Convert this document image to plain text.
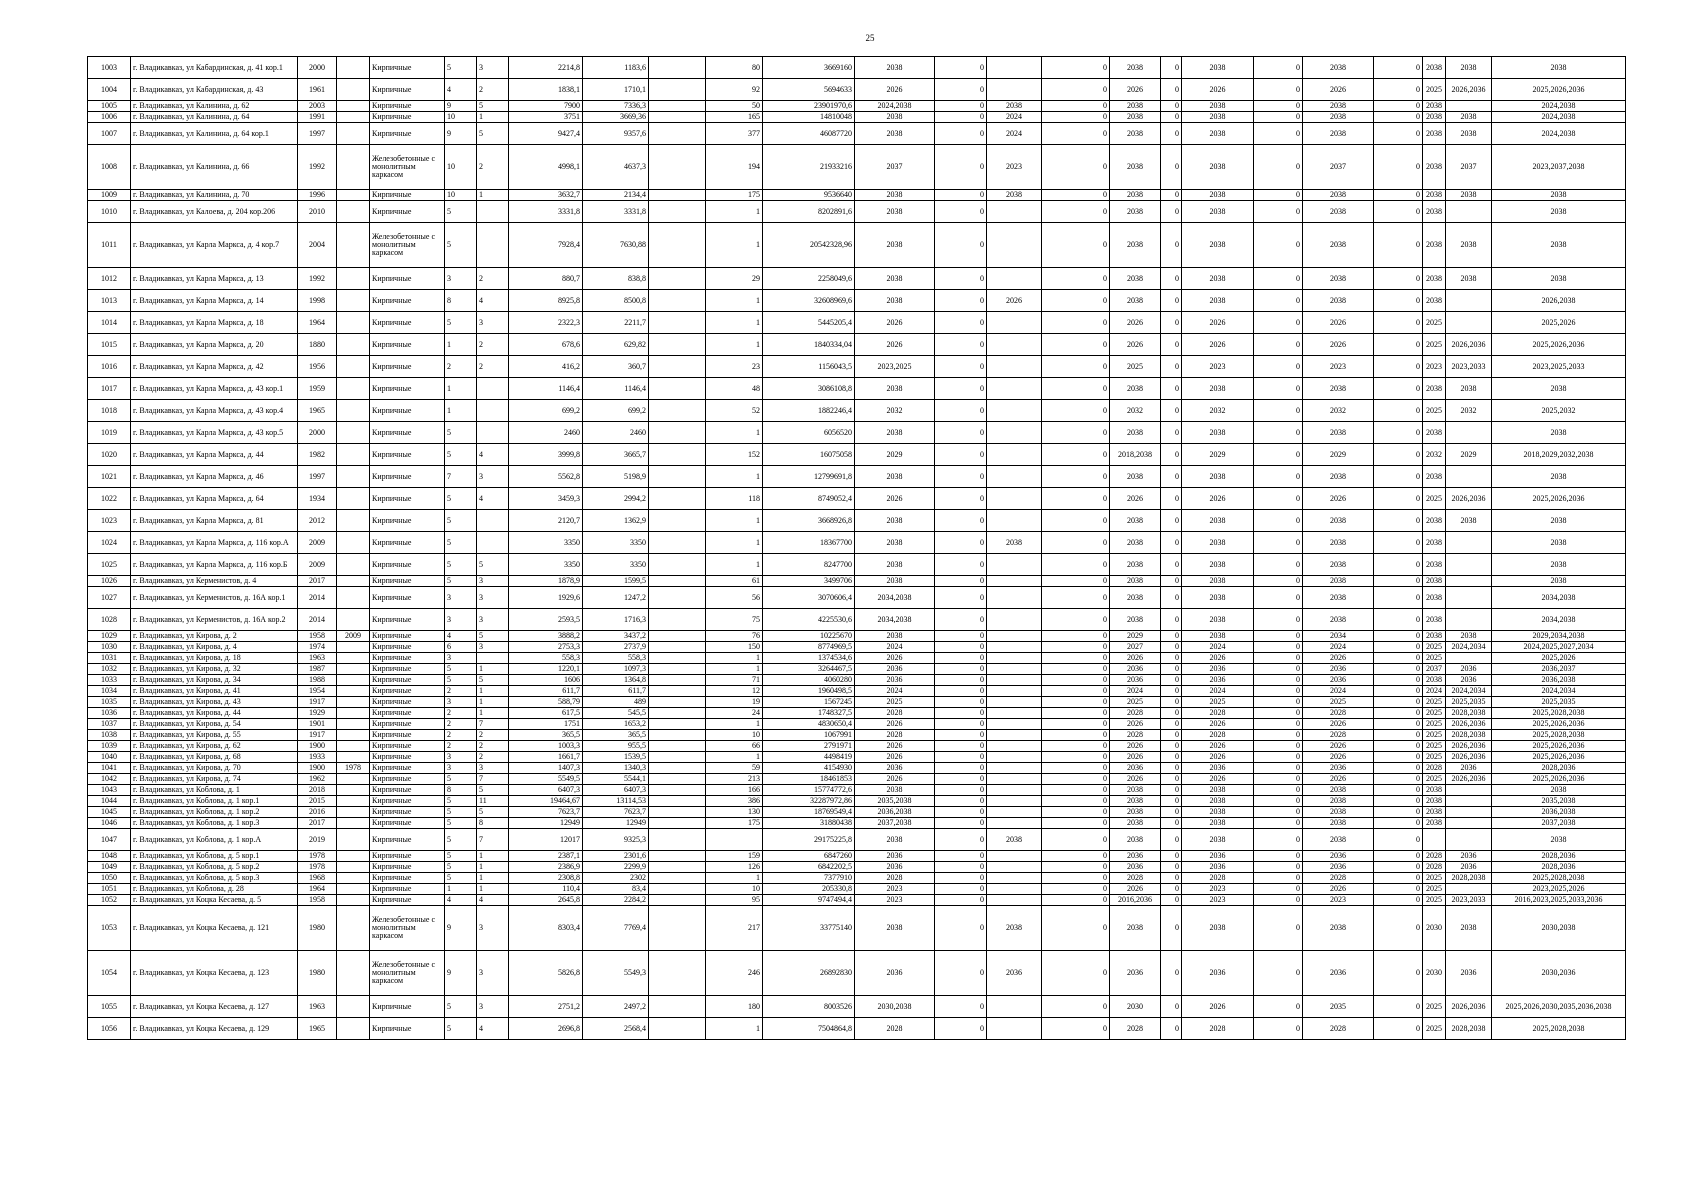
25
1003	г. Владикавказ, ул Кабардинская, д. 41 кор.1	2000		Кирпичные	5	3	2214,8	1183,6		80	3669160	2038	0		0	2038	0	2038	0	2038	0	2038	2038	2038
1004	г. Владикавказ, ул Кабардинская, д. 43	1961		Кирпичные	4	2	1838,1	1710,1		92	5694633	2026	0		0	2026	0	2026	0	2026	0	2025	2026,2036	2025,2026,2036
1005	г. Владикавказ, ул Калинина, д. 62	2003		Кирпичные	9	5	7900	7336,3		50	23901970,6	2024,2038	0	2038	0	2038	0	2038	0	2038	0	2038		2024,2038
1006	г. Владикавказ, ул Калинина, д. 64	1991		Кирпичные	10	1	3751	3669,36		165	14810048	2038	0	2024	0	2038	0	2038	0	2038	0	2038	2038	2024,2038
1007	г. Владикавказ, ул Калинина, д. 64 кор.1	1997		Кирпичные	9	5	9427,4	9357,6		377	46087720	2038	0	2024	0	2038	0	2038	0	2038	0	2038	2038	2024,2038
1008	г. Владикавказ, ул Калинина, д. 66	1992		Железобетонные с монолитным каркасом	10	2	4998,1	4637,3		194	21933216	2037	0	2023	0	2038	0	2038	0	2037	0	2038	2037	2023,2037,2038
1009	г. Владикавказ, ул Калинина, д. 70	1996		Кирпичные	10	1	3632,7	2134,4		175	9536640	2038	0	2038	0	2038	0	2038	0	2038	0	2038	2038	2038
1010	г. Владикавказ, ул Калоева, д. 204 кор.206	2010		Кирпичные	5		3331,8	3331,8		1	8202891,6	2038	0		0	2038	0	2038	0	2038	0	2038		2038
1011	г. Владикавказ, ул Карла Маркса, д. 4 кор.7	2004		Железобетонные с монолитным каркасом	5		7928,4	7630,88		1	20542328,96	2038	0		0	2038	0	2038	0	2038	0	2038	2038	2038
1012	г. Владикавказ, ул Карла Маркса, д. 13	1992		Кирпичные	3	2	880,7	838,8		29	2258049,6	2038	0		0	2038	0	2038	0	2038	0	2038	2038	2038
1013	г. Владикавказ, ул Карла Маркса, д. 14	1998		Кирпичные	8	4	8925,8	8500,8		1	32608969,6	2038	0	2026	0	2038	0	2038	0	2038	0	2038		2026,2038
1014	г. Владикавказ, ул Карла Маркса, д. 18	1964		Кирпичные	5	3	2322,3	2211,7		1	5445205,4	2026	0		0	2026	0	2026	0	2026	0	2025		2025,2026
1015	г. Владикавказ, ул Карла Маркса, д. 20	1880		Кирпичные	1	2	678,6	629,82		1	1840334,04	2026	0		0	2026	0	2026	0	2026	0	2025	2026,2036	2025,2026,2036
1016	г. Владикавказ, ул Карла Маркса, д. 42	1956		Кирпичные	2	2	416,2	360,7		23	1156043,5	2023,2025	0		0	2025	0	2023	0	2023	0	2023	2023,2033	2023,2025,2033
1017	г. Владикавказ, ул Карла Маркса, д. 43 кор.1	1959		Кирпичные	1		1146,4	1146,4		48	3086108,8	2038	0		0	2038	0	2038	0	2038	0	2038	2038	2038
1018	г. Владикавказ, ул Карла Маркса, д. 43 кор.4	1965		Кирпичные	1		699,2	699,2		52	1882246,4	2032	0		0	2032	0	2032	0	2032	0	2025	2032	2025,2032
1019	г. Владикавказ, ул Карла Маркса, д. 43 кор.5	2000		Кирпичные	5		2460	2460		1	6056520	2038	0		0	2038	0	2038	0	2038	0	2038		2038
1020	г. Владикавказ, ул Карла Маркса, д. 44	1982		Кирпичные	5	4	3999,8	3665,7		152	16075058	2029	0		0	2018,2038	0	2029	0	2029	0	2032	2029	2018,2029,2032,2038
1021	г. Владикавказ, ул Карла Маркса, д. 46	1997		Кирпичные	7	3	5562,8	5198,9		1	12799691,8	2038	0		0	2038	0	2038	0	2038	0	2038		2038
1022	г. Владикавказ, ул Карла Маркса, д. 64	1934		Кирпичные	5	4	3459,3	2994,2		118	8749052,4	2026	0		0	2026	0	2026	0	2026	0	2025	2026,2036	2025,2026,2036
1023	г. Владикавказ, ул Карла Маркса, д. 81	2012		Кирпичные	5		2120,7	1362,9		1	3668926,8	2038	0		0	2038	0	2038	0	2038	0	2038	2038	2038
1024	г. Владикавказ, ул Карла Маркса, д. 116 кор.А	2009		Кирпичные	5		3350	3350		1	18367700	2038	0	2038	0	2038	0	2038	0	2038	0	2038		2038
1025	г. Владикавказ, ул Карла Маркса, д. 116 кор.Б	2009		Кирпичные	5	5	3350	3350		1	8247700	2038	0		0	2038	0	2038	0	2038	0	2038		2038
1026	г. Владикавказ, ул Керменистов, д. 4	2017		Кирпичные	5	3	1878,9	1599,5		61	3499706	2038	0		0	2038	0	2038	0	2038	0	2038		2038
1027	г. Владикавказ, ул Керменистов, д. 16А кор.1	2014		Кирпичные	3	3	1929,6	1247,2		56	3070606,4	2034,2038	0		0	2038	0	2038	0	2038	0	2038		2034,2038
1028	г. Владикавказ, ул Керменистов, д. 16А кор.2	2014		Кирпичные	3	3	2593,5	1716,3		75	4225530,6	2034,2038	0		0	2038	0	2038	0	2038	0	2038		2034,2038
1029	г. Владикавказ, ул Кирова, д. 2	1958	2009	Кирпичные	4	5	3888,2	3437,2		76	10225670	2038	0		0	2029	0	2038	0	2034	0	2038	2038	2029,2034,2038
1030	г. Владикавказ, ул Кирова, д. 4	1974		Кирпичные	6	3	2753,3	2737,9		150	8774969,5	2024	0		0	2027	0	2024	0	2024	0	2025	2024,2034	2024,2025,2027,2034
1031	г. Владикавказ, ул Кирова, д. 18	1963		Кирпичные	3		558,3	558,3		1	1374534,6	2026	0		0	2026	0	2026	0	2026	0	2025		2025,2026
1032	г. Владикавказ, ул Кирова, д. 32	1987		Кирпичные	5	1	1220,1	1097,3		1	3264467,5	2036	0		0	2036	0	2036	0	2036	0	2037	2036	2036,2037
1033	г. Владикавказ, ул Кирова, д. 34	1988		Кирпичные	5	5	1606	1364,8		71	4060280	2036	0		0	2036	0	2036	0	2036	0	2038	2036	2036,2038
1034	г. Владикавказ, ул Кирова, д. 41	1954		Кирпичные	2	1	611,7	611,7		12	1960498,5	2024	0		0	2024	0	2024	0	2024	0	2024	2024,2034	2024,2034
1035	г. Владикавказ, ул Кирова, д. 43	1917		Кирпичные	3	1	588,79	489		19	1567245	2025	0		0	2025	0	2025	0	2025	0	2025	2025,2035	2025,2035
1036	г. Владикавказ, ул Кирова, д. 44	1929		Кирпичные	2	1	617,5	545,5		24	1748327,5	2028	0		0	2028	0	2028	0	2028	0	2025	2028,2038	2025,2028,2038
1037	г. Владикавказ, ул Кирова, д. 54	1901		Кирпичные	2	7	1751	1653,2		1	4830650,4	2026	0		0	2026	0	2026	0	2026	0	2025	2026,2036	2025,2026,2036
1038	г. Владикавказ, ул Кирова, д. 55	1917		Кирпичные	2	2	365,5	365,5		10	1067991	2028	0		0	2028	0	2028	0	2028	0	2025	2028,2038	2025,2028,2038
1039	г. Владикавказ, ул Кирова, д. 62	1900		Кирпичные	2	2	1003,3	955,5		66	2791971	2026	0		0	2026	0	2026	0	2026	0	2025	2026,2036	2025,2026,2036
1040	г. Владикавказ, ул Кирова, д. 68	1933		Кирпичные	3	2	1661,7	1539,5		1	4498419	2026	0		0	2026	0	2026	0	2026	0	2025	2026,2036	2025,2026,2036
1041	г. Владикавказ, ул Кирова, д. 70	1900	1978	Кирпичные	3	3	1407,3	1340,3		59	4154930	2036	0		0	2036	0	2036	0	2036	0	2028	2036	2028,2036
1042	г. Владикавказ, ул Кирова, д. 74	1962		Кирпичные	5	7	5549,5	5544,1		213	18461853	2026	0		0	2026	0	2026	0	2026	0	2025	2026,2036	2025,2026,2036
1043	г. Владикавказ, ул Коблова, д. 1	2018		Кирпичные	8	5	6407,3	6407,3		166	15774772,6	2038	0		0	2038	0	2038	0	2038	0	2038		2038
1044	г. Владикавказ, ул Коблова, д. 1 кор.1	2015		Кирпичные	5	11	19464,67	13114,53		386	32287972,86	2035,2038	0		0	2038	0	2038	0	2038	0	2038		2035,2038
1045	г. Владикавказ, ул Коблова, д. 1 кор.2	2016		Кирпичные	5	5	7623,7	7623,7		130	18769549,4	2036,2038	0		0	2038	0	2038	0	2038	0	2038		2036,2038
1046	г. Владикавказ, ул Коблова, д. 1 кор.3	2017		Кирпичные	5	8	12949	12949		175	31880438	2037,2038	0		0	2038	0	2038	0	2038	0	2038		2037,2038
1047	г. Владикавказ, ул Коблова, д. 1 кор.А	2019		Кирпичные	5	7	12017	9325,3			29175225,8	2038	0	2038	0	2038	0	2038	0	2038	0			2038
1048	г. Владикавказ, ул Коблова, д. 5 кор.1	1978		Кирпичные	5	1	2387,1	2301,6		159	6847260	2036	0		0	2036	0	2036	0	2036	0	2028	2036	2028,2036
1049	г. Владикавказ, ул Коблова, д. 5 кор.2	1978		Кирпичные	5	1	2386,9	2299,9		126	6842202,5	2036	0		0	2036	0	2036	0	2036	0	2028	2036	2028,2036
1050	г. Владикавказ, ул Коблова, д. 5 кор.3	1968		Кирпичные	5	1	2308,8	2302		1	7377910	2028	0		0	2028	0	2028	0	2028	0	2025	2028,2038	2025,2028,2038
1051	г. Владикавказ, ул Коблова, д. 28	1964		Кирпичные	1	1	110,4	83,4		10	205330,8	2023	0		0	2026	0	2023	0	2026	0	2025		2023,2025,2026
1052	г. Владикавказ, ул Коцка Кесаева, д. 5	1958		Кирпичные	4	4	2645,8	2284,2		95	9747494,4	2023	0		0	2016,2036	0	2023	0	2023	0	2025	2023,2033	2016,2023,2025,2033,2036
1053	г. Владикавказ, ул Коцка Кесаева, д. 121	1980		Железобетонные с монолитным каркасом	9	3	8303,4	7769,4		217	33775140	2038	0	2038	0	2038	0	2038	0	2038	0	2030	2038	2030,2038
1054	г. Владикавказ, ул Коцка Кесаева, д. 123	1980		Железобетонные с монолитным каркасом	9	3	5826,8	5549,3		246	26892830	2036	0	2036	0	2036	0	2036	0	2036	0	2030	2036	2030,2036
1055	г. Владикавказ, ул Коцка Кесаева, д. 127	1963		Кирпичные	5	3	2751,2	2497,2		180	8003526	2030,2038	0		0	2030	0	2026	0	2035	0	2025	2026,2036	2025,2026,2030,2035,2036,2038
1056	г. Владикавказ, ул Коцка Кесаева, д. 129	1965		Кирпичные	5	4	2696,8	2568,4		1	7504864,8	2028	0		0	2028	0	2028	0	2028	0	2025	2028,2038	2025,2028,2038
